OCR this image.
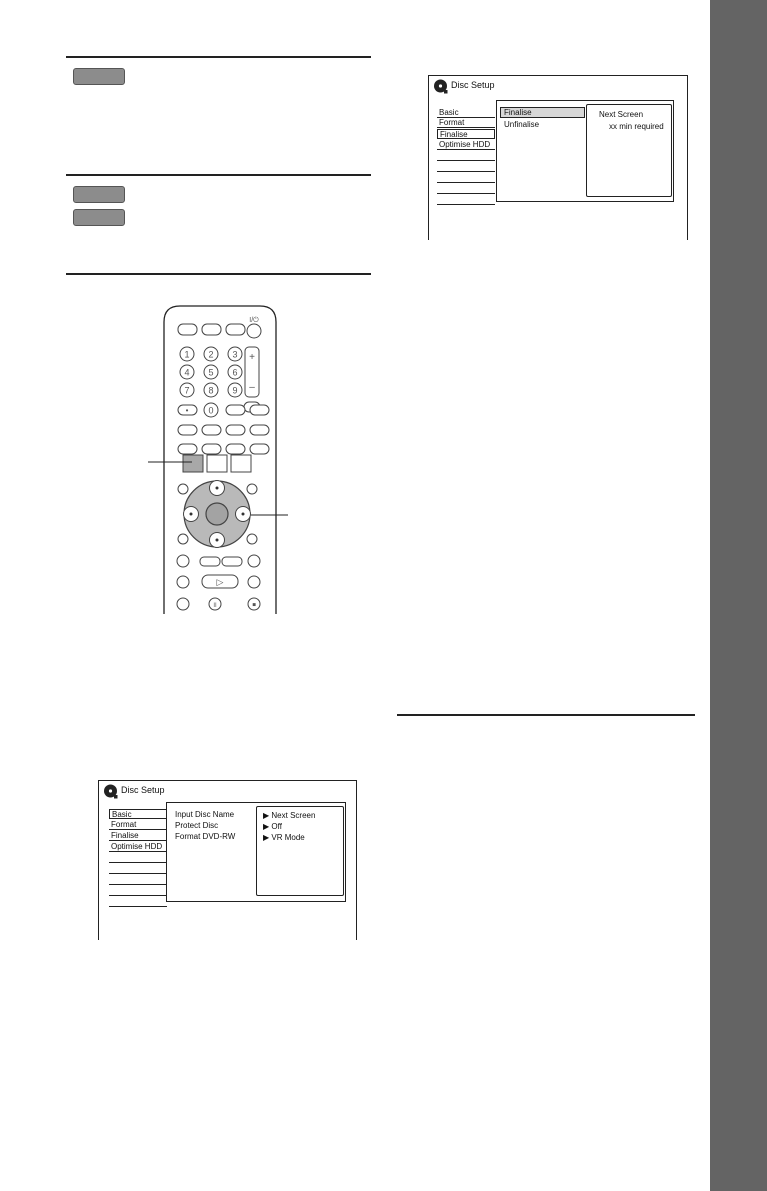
I/⏻
1 2 3
4 5 6
7 8 9
+
–
• 0
▷
II	■
Disc Setup
Basic
Format
Finalise
Optimise HDD
Finalise
Unfinalise
Next Screen
xx min required
Disc Setup
Basic
Format
Finalise
Optimise HDD
Input Disc Name
Protect Disc
Format DVD-RW
▶ Next Screen
▶ Off
▶ VR Mode
